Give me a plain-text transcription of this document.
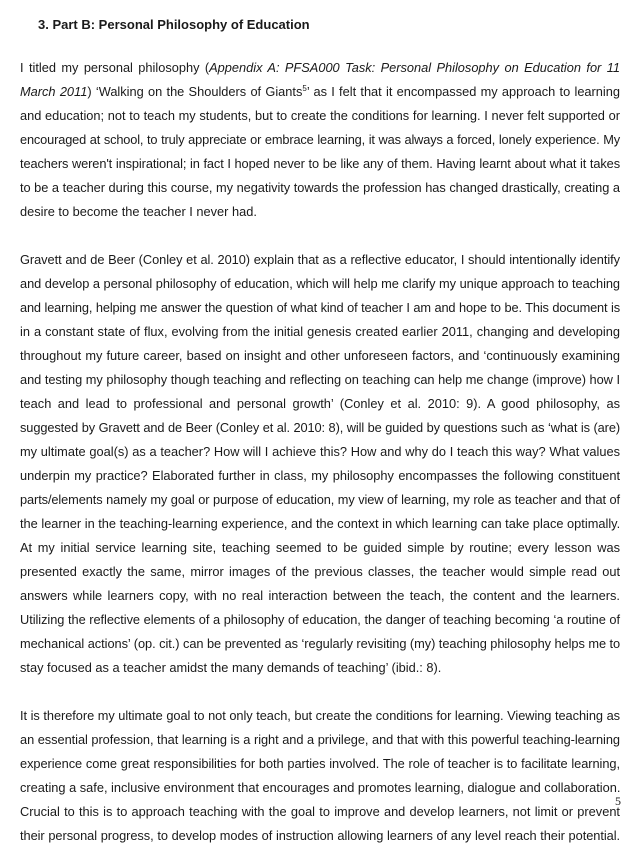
3. Part B: Personal Philosophy of Education
I titled my personal philosophy (Appendix A: PFSA000 Task: Personal Philosophy on Education for 11
March 2011) ‘Walking on the Shoulders of Giants$^5$’ as I felt that it encompassed my approach to learning
and education; not to teach my students, but to create the conditions for learning. I never felt supported or
encouraged at school, to truly appreciate or embrace learning, it was always a forced, lonely experience. My
teachers weren't inspirational; in fact I hoped never to be like any of them. Having learnt about what it takes
to be a teacher during this course, my negativity towards the profession has changed drastically, creating a
desire to become the teacher I never had.
Gravett and de Beer (Conley et al. 2010) explain that as a reflective educator, I should intentionally identify
and develop a personal philosophy of education, which will help me clarify my unique approach to teaching
and learning, helping me answer the question of what kind of teacher I am and hope to be. This document is
in a constant state of flux, evolving from the initial genesis created earlier 2011, changing and developing
throughout my future career, based on insight and other unforeseen factors, and ‘continuously examining
and testing my philosophy though teaching and reflecting on teaching can help me change (improve) how I
teach and lead to professional and personal growth’ (Conley et al. 2010: 9). A good philosophy, as
suggested by Gravett and de Beer (Conley et al. 2010: 8), will be guided by questions such as ‘what is (are)
my ultimate goal(s) as a teacher? How will I achieve this? How and why do I teach this way? What values
underpin my practice? Elaborated further in class, my philosophy encompasses the following constituent
parts/elements namely my goal or purpose of education, my view of learning, my role as teacher and that of
the learner in the teaching-learning experience, and the context in which learning can take place optimally.
At my initial service learning site, teaching seemed to be guided simple by routine; every lesson was
presented exactly the same, mirror images of the previous classes, the teacher would simple read out
answers while learners copy, with no real interaction between the teach, the content and the learners.
Utilizing the reflective elements of a philosophy of education, the danger of teaching becoming ‘a routine of
mechanical actions’ (op. cit.) can be prevented as ‘regularly revisiting (my) teaching philosophy helps me to
stay focused as a teacher amidst the many demands of teaching’ (ibid.: 8).
It is therefore my ultimate goal to not only teach, but create the conditions for learning. Viewing teaching as
an essential profession, that learning is a right and a privilege, and that with this powerful teaching-learning
experience come great responsibilities for both parties involved. The role of teacher is to facilitate learning,
creating a safe, inclusive environment that encourages and promotes learning, dialogue and collaboration.
Crucial to this is to approach teaching with the goal to improve and develop learners, not limit or prevent
their personal progress, to develop modes of instruction allowing learners of any level reach their potential.
5
